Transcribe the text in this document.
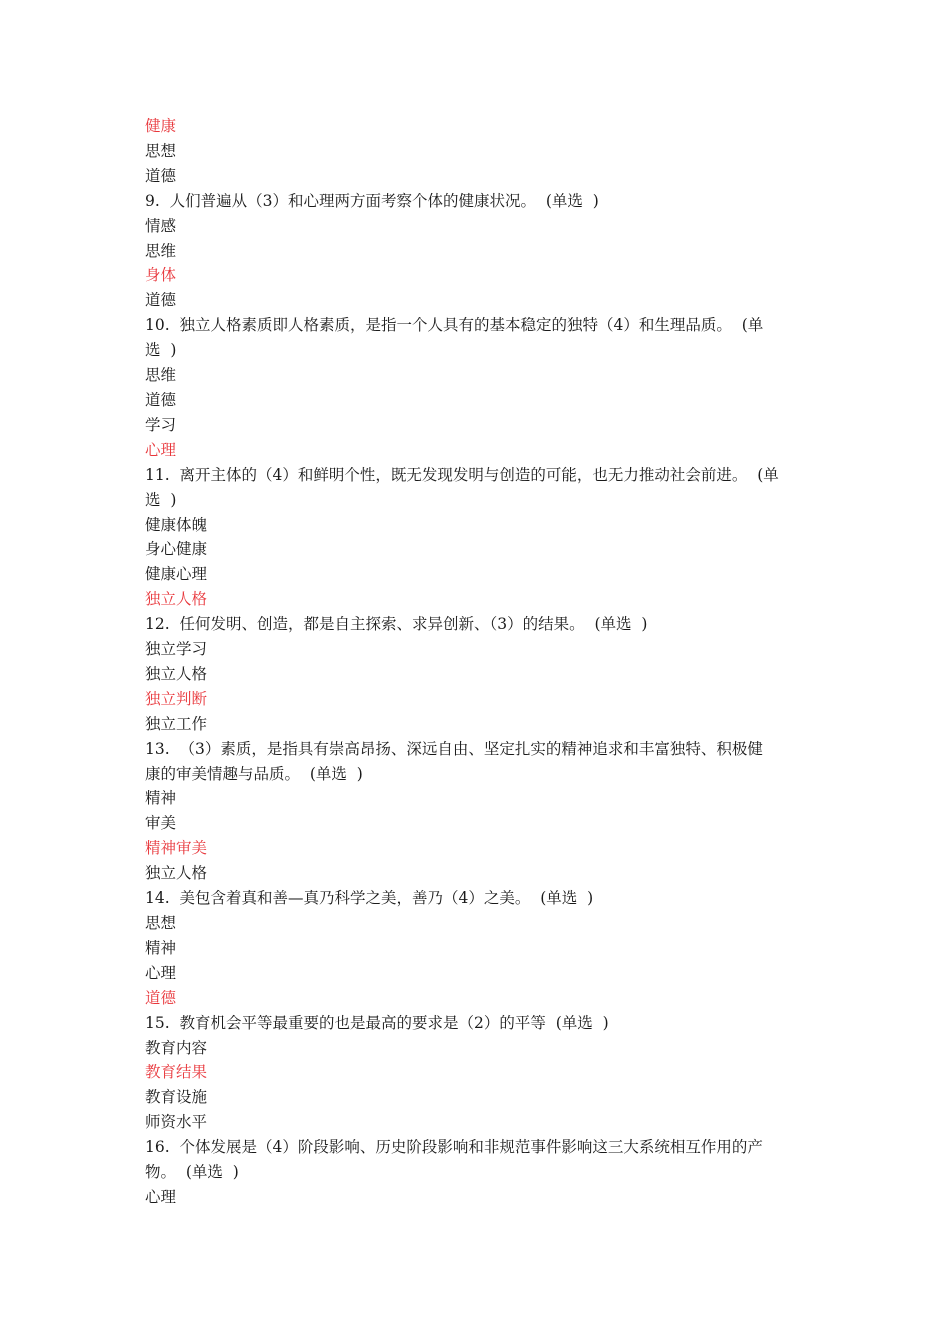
健康

思想

道德

9.  人们普遍从（3）和心理两方面考察个体的健康状况。  (单选  )

情感

思维

身体

道德

10.  独立人格素质即人格素质，是指一个人具有的基本稳定的独特（4）和生理品质。  (单

选  )

思维

道德

学习

心理

11.  离开主体的（4）和鲜明个性，既无发现发明与创造的可能，也无力推动社会前进。  (单

选  )

健康体魄

身心健康

健康心理

独立人格

12.  任何发明、创造，都是自主探索、求异创新、（3）的结果。  (单选  )

独立学习

独立人格

独立判断

独立工作

13.  （3）素质，是指具有崇高昂扬、深远自由、坚定扎实的精神追求和丰富独特、积极健

康的审美情趣与品质。  (单选  )

精神

审美

精神审美

独立人格

14.  美包含着真和善—真乃科学之美，善乃（4）之美。  (单选  )

思想

精神

心理

道德

15.  教育机会平等最重要的也是最高的要求是（2）的平等  (单选  )

教育内容

教育结果

教育设施

师资水平

16.  个体发展是（4）阶段影响、历史阶段影响和非规范事件影响这三大系统相互作用的产

物。  (单选  )

心理
